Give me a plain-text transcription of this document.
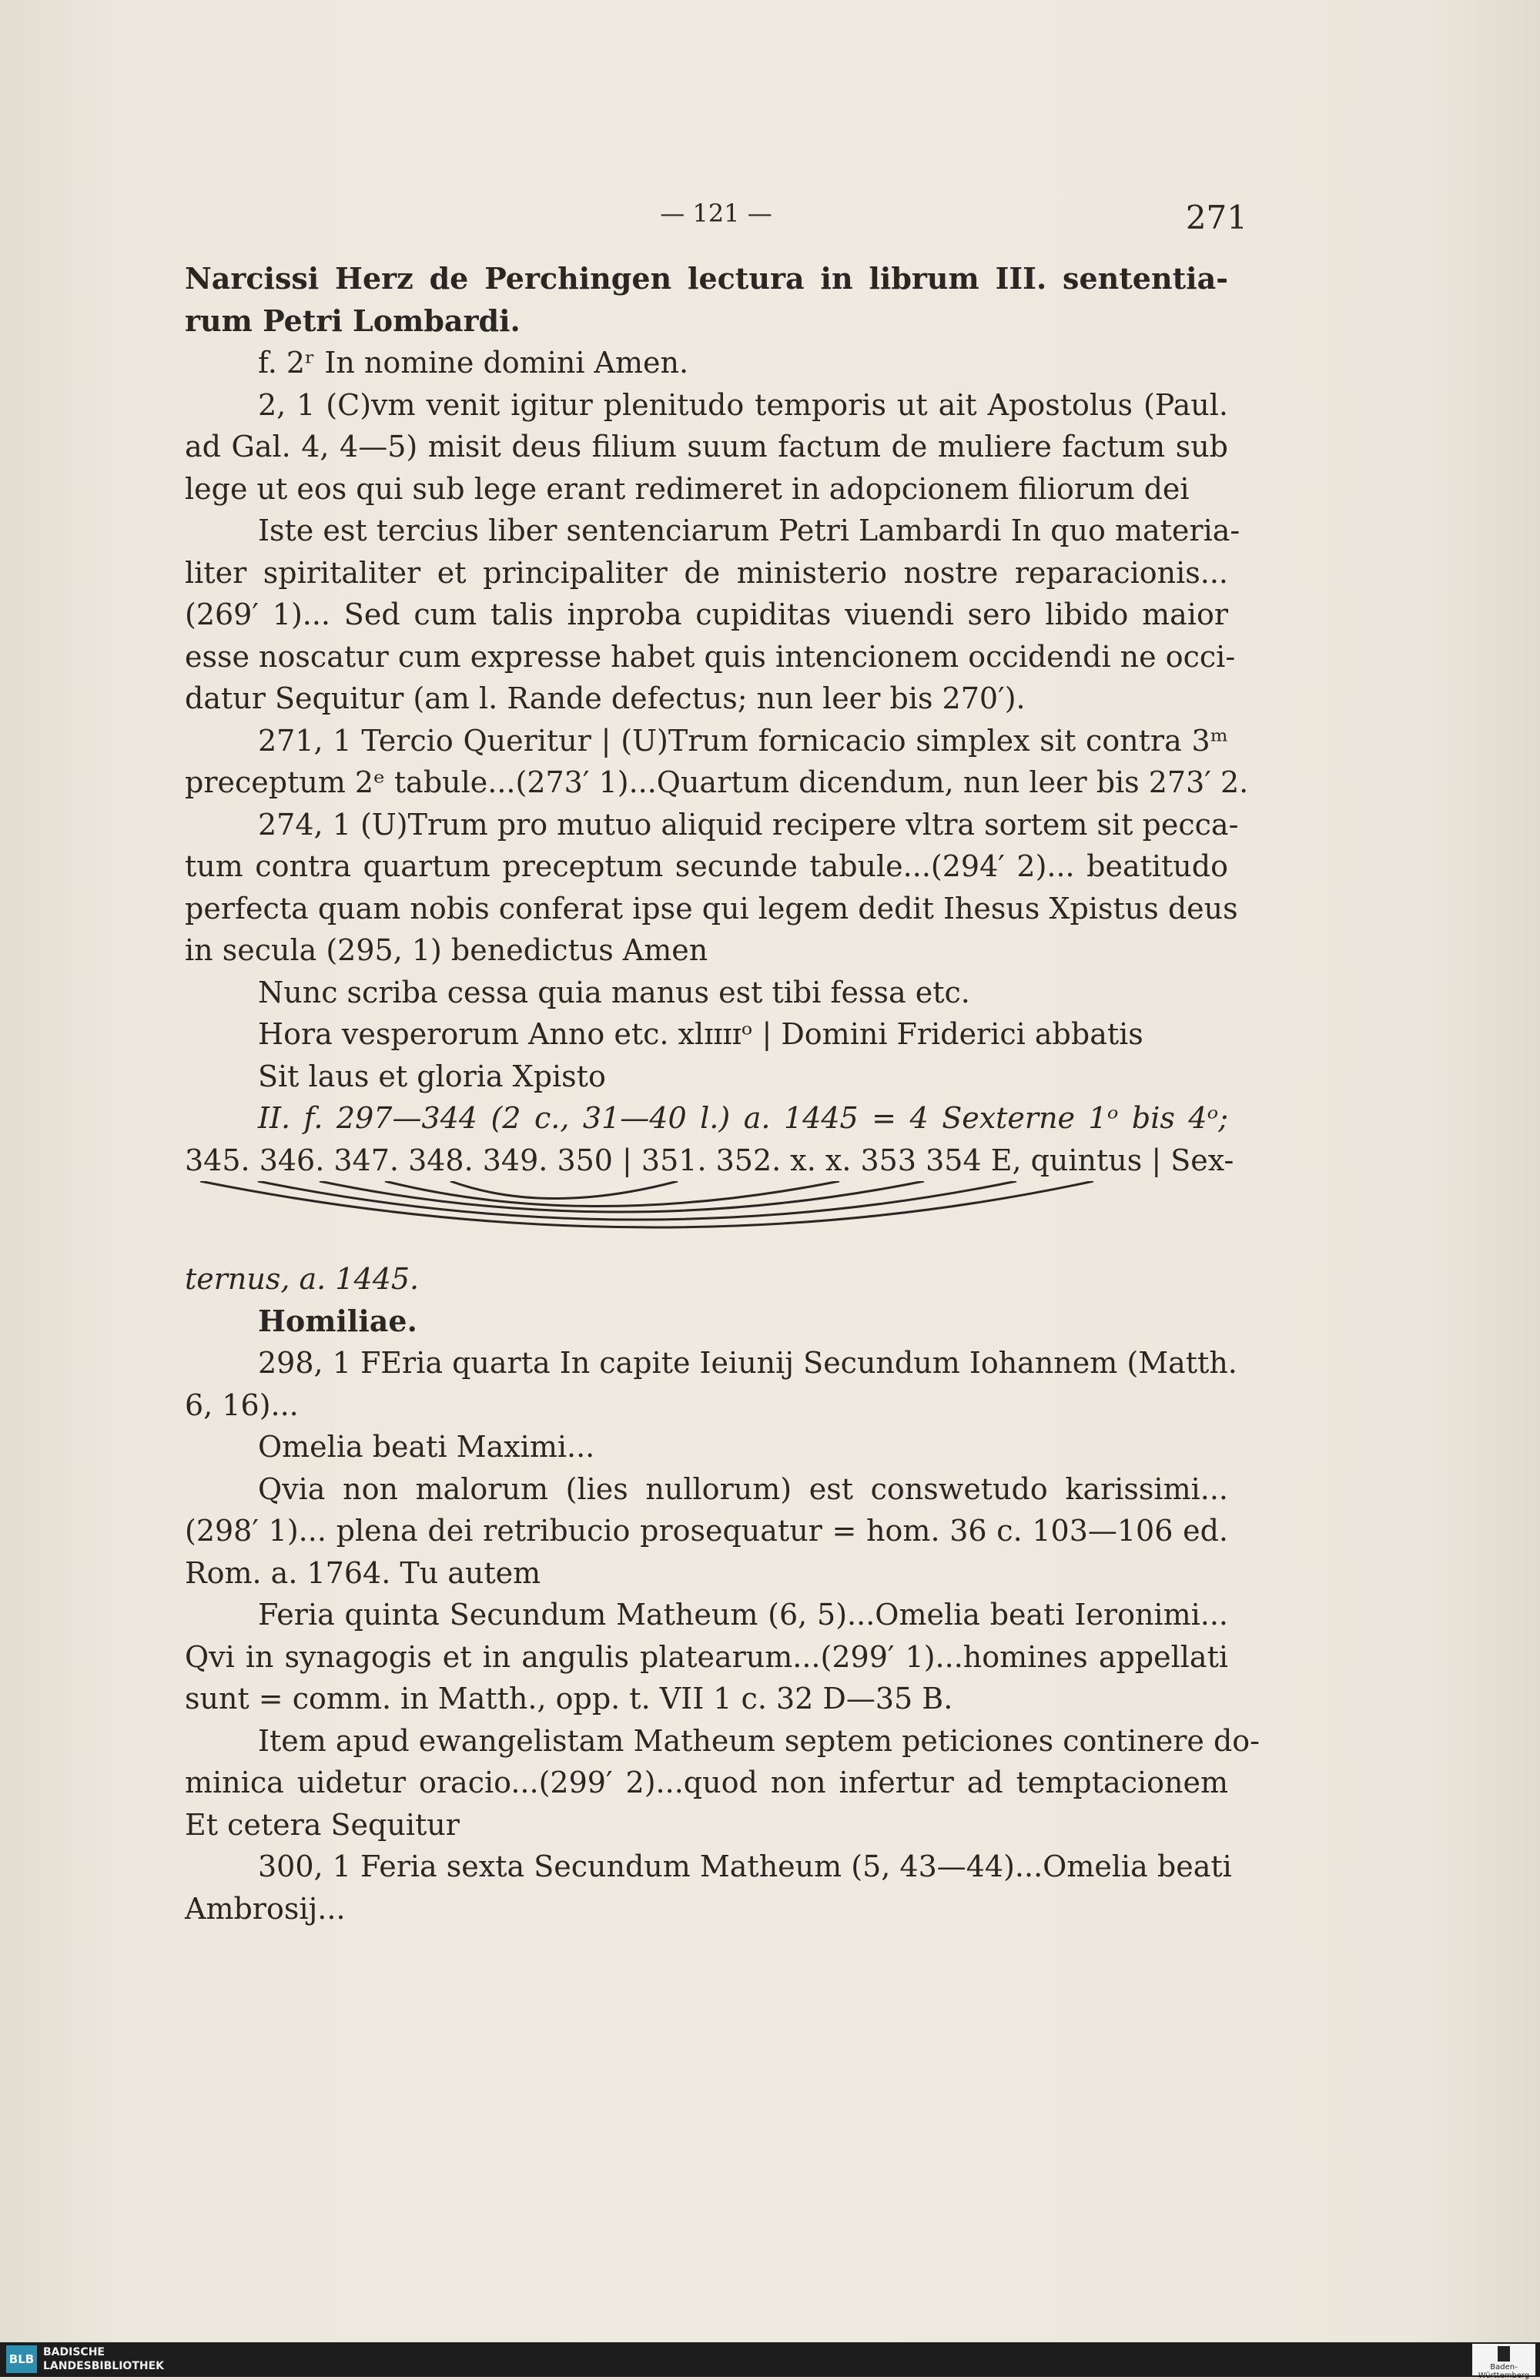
— 121 —	271
Narcissi Herz de Perchingen lectura in librum III. sententia-
rum Petri Lombardi.
f. 2ʳ In nomine domini Amen.
2, 1 (C)vm venit igitur plenitudo temporis ut ait Apostolus (Paul.
ad Gal. 4, 4—5) misit deus filium suum factum de muliere factum sub
lege ut eos qui sub lege erant redimeret in adopcionem filiorum dei
Iste est tercius liber sentenciarum Petri Lambardi In quo materia-
liter spiritaliter et principaliter de ministerio nostre reparacionis...
(269′ 1)... Sed cum talis inproba cupiditas viuendi sero libido maior
esse noscatur cum expresse habet quis intencionem occidendi ne occi-
datur Sequitur (am l. Rande defectus; nun leer bis 270′).
271, 1 Tercio Queritur | (U)Trum fornicacio simplex sit contra 3ᵐ
preceptum 2ᵉ tabule...(273′ 1)...Quartum dicendum, nun leer bis 273′ 2.
274, 1 (U)Trum pro mutuo aliquid recipere vltra sortem sit pecca-
tum contra quartum preceptum secunde tabule...(294′ 2)... beatitudo
perfecta quam nobis conferat ipse qui legem dedit Ihesus Xpistus deus
in secula (295, 1) benedictus Amen
Nunc scriba cessa quia manus est tibi fessa etc.
Hora vesperorum Anno etc. xlɪɪɪɪᵒ | Domini Friderici abbatis
Sit laus et gloria Xpisto
II. f. 297—344 (2 c., 31—40 l.) a. 1445 = 4 Sexterne 1ᵒ bis 4ᵒ;
345. 346. 347. 348. 349. 350 | 351. 352. x. x. 353 354 E, quintus | Sex-
ternus, a. 1445.
Homiliae.
298, 1 FEria quarta In capite Ieiunij Secundum Iohannem (Matth.
6, 16)...
Omelia beati Maximi...
Qvia non malorum (lies nullorum) est conswetudo karissimi...
(298′ 1)... plena dei retribucio prosequatur = hom. 36 c. 103—106 ed.
Rom. a. 1764. Tu autem
Feria quinta Secundum Matheum (6, 5)...Omelia beati Ieronimi...
Qvi in synagogis et in angulis platearum...(299′ 1)...homines appellati
sunt = comm. in Matth., opp. t. VII 1 c. 32 D—35 B.
Item apud ewangelistam Matheum septem peticiones continere do-
minica uidetur oracio...(299′ 2)...quod non infertur ad temptacionem
Et cetera Sequitur
300, 1 Feria sexta Secundum Matheum (5, 43—44)...Omelia beati
Ambrosij...
BLB BADISCHE
LANDESBIBLIOTHEK	Baden-Württemberg
